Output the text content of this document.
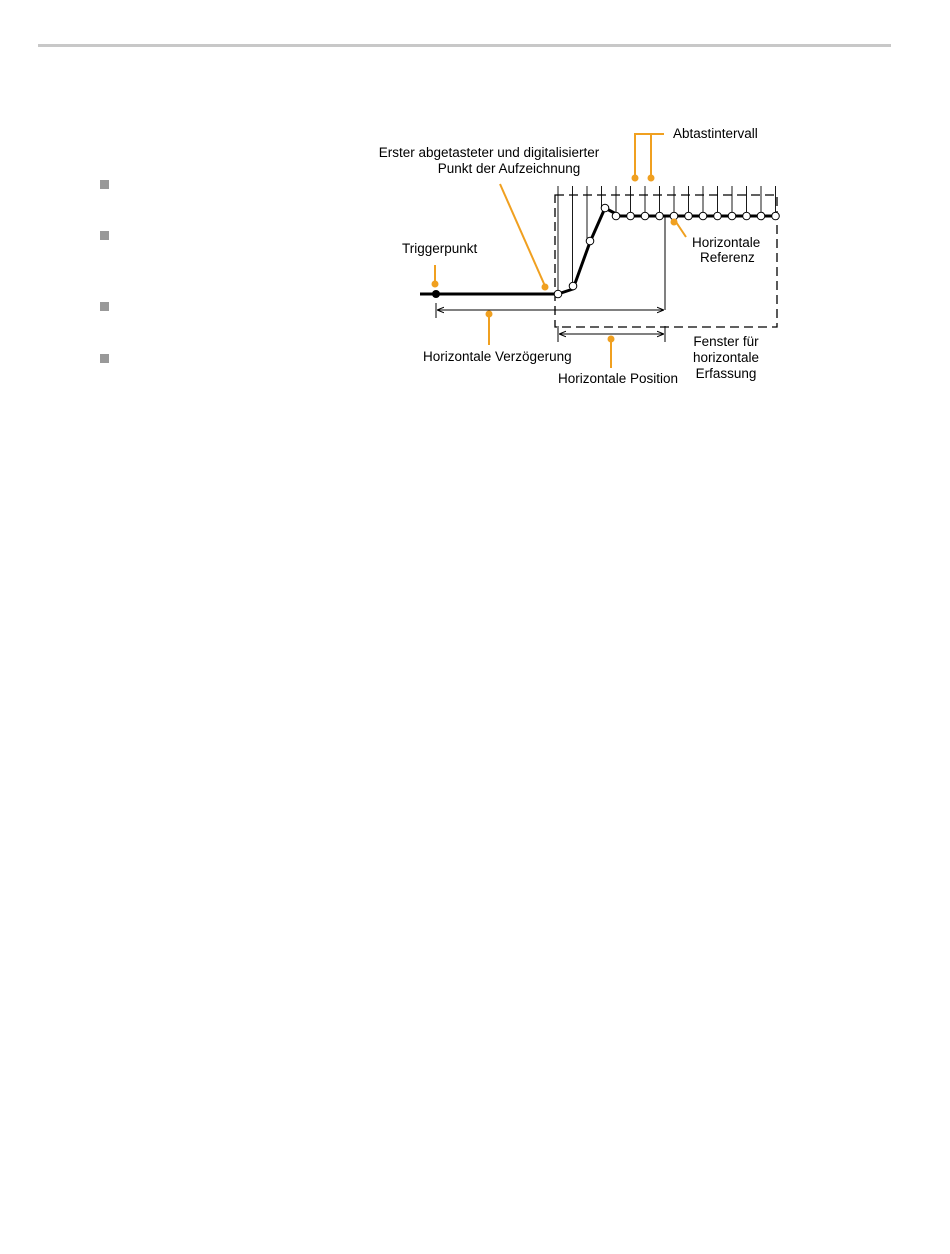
Erster abgetasteter und digitalisierter
Punkt der Aufzeichnung
Abtastintervall
Triggerpunkt	Horizontale
Referenz
Horizontale Verzögerung
Horizontale Position
Fenster für
horizontale
Erfassung
